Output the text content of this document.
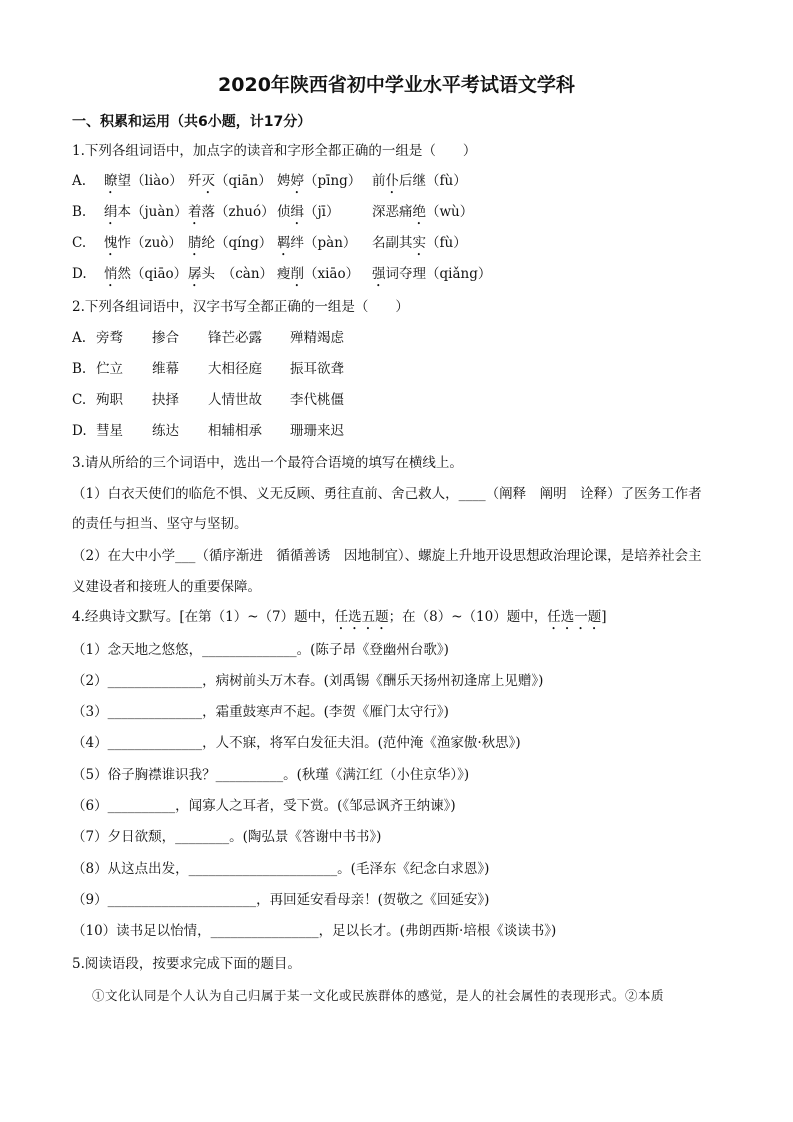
2020年陕西省初中学业水平考试语文学科
一、积累和运用（共6小题，计17分）
1.下列各组词语中，加点字的读音和字形全都正确的一组是（　　）
A. 瞭望（liào） 歼灭（qiān） 娉婷（pīng） 前仆后继（fù）
B. 绢本（juàn） 着落（zhuó） 侦缉（jī） 深恶痛绝（wù）
C. 愧怍（zuò） 腈纶（qíng） 羁绊（pàn） 名副其实（fù）
D. 悄然（qiāo） 孱头　（càn） 瘦削（xiāo） 强词夺理（qiǎng）
2.下列各组词语中，汉字书写全都正确的一组是（　　）
A. 旁骛 掺合 锋芒必露 殚精竭虑
B. 伫立 维幕 大相径庭 振耳欲聋
C. 殉职 抉择 人情世故 李代桃僵
D. 彗星 练达 相辅相承 珊珊来迟
3.请从所给的三个词语中，选出一个最符合语境的填写在横线上。
（1）白衣天使们的临危不惧、义无反顾、勇往直前、舍己救人，____（阐释　阐明　诠释）了医务工作者
的责任与担当、坚守与坚韧。
（2）在大中小学___（循序渐进　循循善诱　因地制宜）、螺旋上升地开设思想政治理论课，是培养社会主
义建设者和接班人的重要保障。
4.经典诗文默写。[在第（1）~（7）题中，任选五题；在（8）~（10）题中，任选一题]
（1）念天地之悠悠，______________。(陈子昂《登幽州台歌》)
（2）______________，病树前头万木春。(刘禹锡《酬乐天扬州初逢席上见赠》)
（3）______________，霜重鼓寒声不起。(李贺《雁门太守行》)
（4）______________，人不寐，将军白发征夫泪。(范仲淹《渔家傲·秋思》)
（5）俗子胸襟谁识我？__________。(秋瑾《满江红（小住京华）》)
（6）__________，闻寡人之耳者，受下赏。(《邹忌讽齐王纳谏》)
（7）夕日欲颓，________。(陶弘景《答谢中书书》)
（8）从这点出发，______________________。(毛泽东《纪念白求恩》)
（9）______________________，再回延安看母亲！(贺敬之《回延安》)
（10）读书足以怡情，________________，足以长才。(弗朗西斯·培根《谈读书》)
5.阅读语段，按要求完成下面的题目。
①文化认同是个人认为自己归属于某一文化或民族群体的感觉，是人的社会属性的表现形式。②本质
